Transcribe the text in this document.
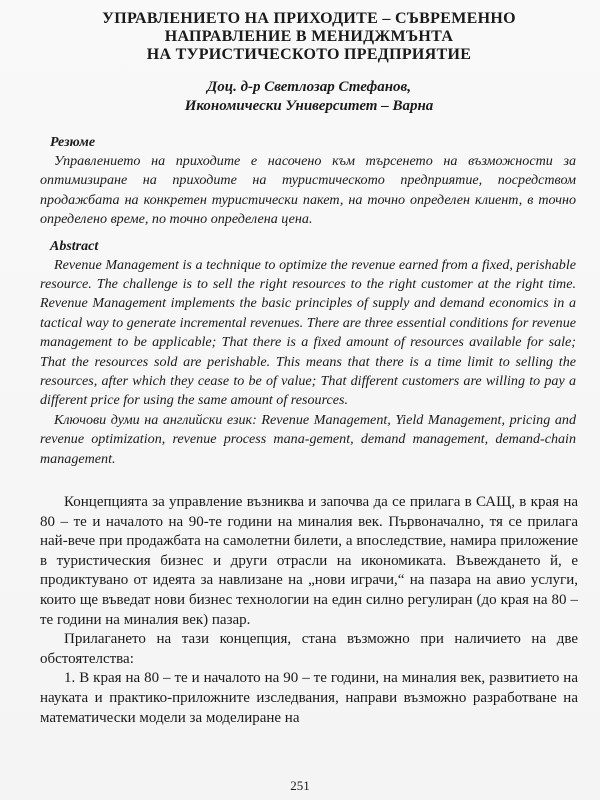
УПРАВЛЕНИЕТО НА ПРИХОДИТЕ – СЪВРЕМЕННО
НАПРАВЛЕНИЕ В МЕНИДЖМЪНТА
НА ТУРИСТИЧЕСКОТО ПРЕДПРИЯТИЕ
Доц. д-р Светлозар Стефанов,
Икономически Университет – Варна
Резюме

Управлението на приходите е насочено към търсенето на възможности за оптимизиране на приходите на туристическото предприятие, посредством продажбата на конкретен туристически пакет, на точно определен клиент, в точно определено време, по точно определена цена.

Abstract

Revenue Management is a technique to optimize the revenue earned from a fixed, perishable resource. The challenge is to sell the right resources to the right customer at the right time. Revenue Management implements the basic principles of supply and demand economics in a tactical way to generate incremental revenues. There are three essential conditions for revenue management to be applicable; That there is a fixed amount of resources available for sale; That the resources sold are perishable. This means that there is a time limit to selling the resources, after which they cease to be of value; That different customers are willing to pay a different price for using the same amount of resources.

Ключови думи на английски език: Revenue Management, Yield Management, pricing and revenue optimization, revenue process mana-gement, demand management, demand-chain management.

Концепцията за управление възниква и започва да се прилага в САЩ, в края на 80 – те и началото на 90-те години на миналия век. Първоначално, тя се прилага най-вече при продажбата на самолетни билети, а впоследствие, намира приложение в туристическия бизнес и други отрасли на икономиката. Въвеждането й, е продиктувано от идеята за навлизане на „нови играчи,“ на пазара на авио услуги, които ще въведат нови бизнес технологии на един силно регулиран (до края на 80 – те години на миналия век) пазар.

Прилагането на тази концепция, стана възможно при наличието на две обстоятелства:

1. В края на 80 – те и началото на 90 – те години, на миналия век, развитието на науката и практико-приложните изследвания, направи възможно разработване на математически модели за моделиране на

251
